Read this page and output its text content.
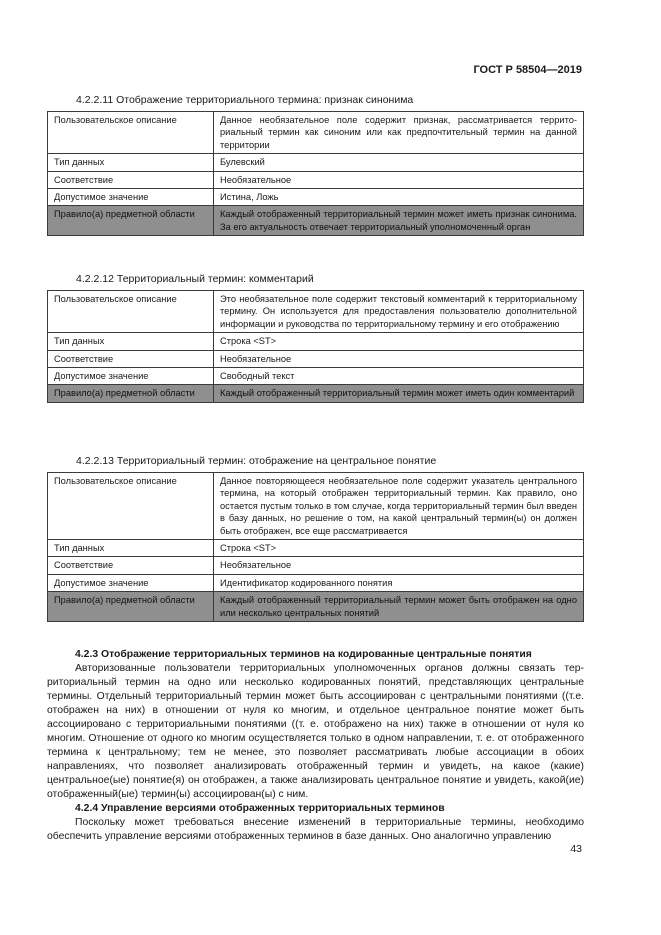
ГОСТ Р 58504—2019
4.2.2.11 Отображение территориального термина: признак синонима
Пользовательское описание	Данное необязательное поле содержит признак, рассматривается территориальный термин как синоним или как предпочтительный термин на данной территории
Тип данных	Булевский
Соответствие	Необязательное
Допустимое значение	Истина, Ложь
Правило(а) предметной области	Каждый отображенный территориальный термин может иметь признак синонима. За его актуальность отвечает территориальный уполномоченный орган
4.2.2.12 Территориальный термин: комментарий
Пользовательское описание	Это необязательное поле содержит текстовый комментарий к территориальному термину. Он используется для предоставления пользователю дополнительной информации и руководства по территориальному термину и его отображению
Тип данных	Строка <ST>
Соответствие	Необязательное
Допустимое значение	Свободный текст
Правило(а) предметной области	Каждый отображенный территориальный термин может иметь один комментарий
4.2.2.13 Территориальный термин: отображение на центральное понятие
Пользовательское описание	Данное повторяющееся необязательное поле содержит указатель центрального термина, на который отображен территориальный термин. Как правило, оно остается пустым только в том случае, когда территориальный термин был введен в базу данных, но решение о том, на какой центральный термин(ы) он должен быть отображен, все еще рассматривается
Тип данных	Строка <ST>
Соответствие	Необязательное
Допустимое значение	Идентификатор кодированного понятия
Правило(а) предметной области	Каждый отображенный территориальный термин может быть отображен на одно или несколько центральных понятий
4.2.3 Отображение территориальных терминов на кодированные центральные понятия

Авторизованные пользователи территориальных уполномоченных органов должны связать территориальный термин на одно или несколько кодированных понятий, представляющих центральные термины. Отдельный территориальный термин может быть ассоциирован с центральными понятиями ((т.е. отображен на них) в отношении от нуля ко многим, и отдельное центральное понятие может быть ассоциировано с территориальными понятиями ((т. е. отображено на них) также в отношении от нуля ко многим. Отношение от одного ко многим осуществляется только в одном направлении, т. е. от отображенного термина к центральному; тем не менее, это позволяет рассматривать любые ассоциации в обоих направлениях, что позволяет анализировать отображенный термин и увидеть, на какое (какие) центральное(ые) понятие(я) он отображен, а также анализировать центральное понятие и увидеть, какой(ие) отображенный(ые) термин(ы) ассоциирован(ы) с ним.

4.2.4 Управление версиями отображенных территориальных терминов

Поскольку может требоваться внесение изменений в территориальные термины, необходимо обеспечить управление версиями отображенных терминов в базе данных. Оно аналогично управлению

43
